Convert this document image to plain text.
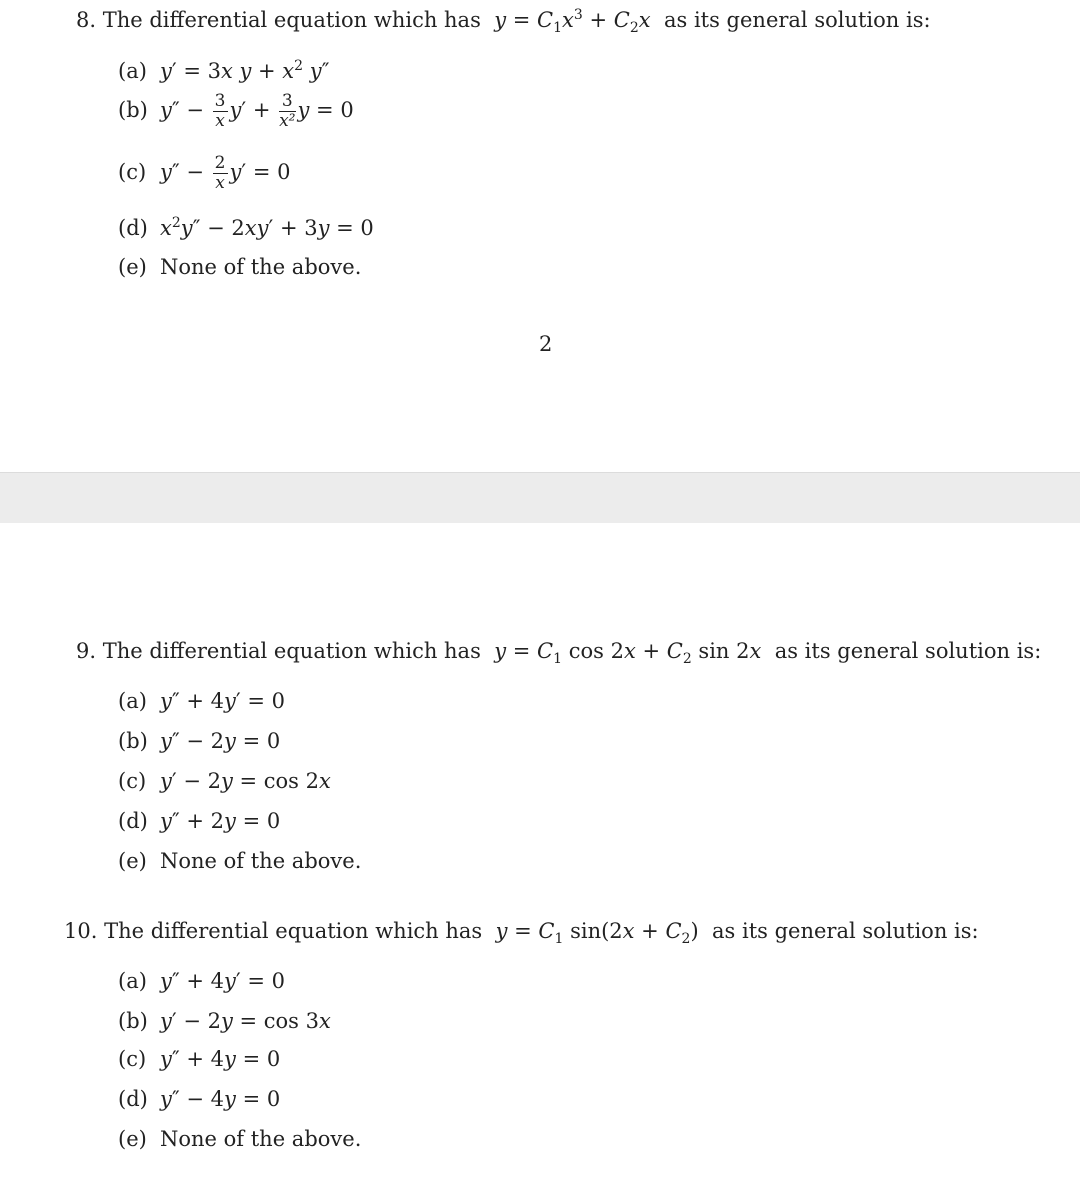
8. The differential equation which has $y = C_1x^3 + C_2x$ as its general solution is:
(a) y′ = 3x $y + x^2$ y″
(b) $y'' - \frac{3}{x} y' + \frac{3}{\text{x²}}$ y = 0
(c) $y'' - \frac{2}{x} y' = 0$
(d) $x^2y'' - 2xy' + 3y = 0$
(e) None of the above.
2
9. The differential equation which has $y = C_1$ $\cos 2x + C_2$ sin 2x as its general solution is:
(a) y″ + 4y′ = 0
(b) y″ − 2y = 0
(c) y′ − 2y = cos 2x
(d) y″ + 2y = 0
(e) None of the above.
10. The differential equation which has $y = C_1$ $\sin(2x + C_2)$  as its general solution is:
(a) y″ + 4y′ = 0
(b) y′ − 2y = cos 3x
(c) y″ + 4y = 0
(d) y″ − 4y = 0
(e) None of the above.
